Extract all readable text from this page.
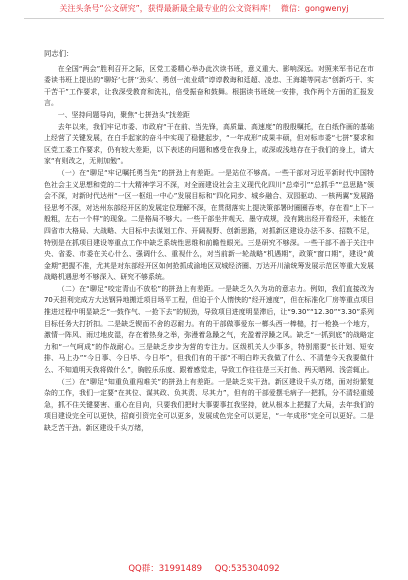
关注头条号“公文研究”，获得最新最全最专业的公文资料库！ 微信：gongwenyj

同志们：

在全国“两会”胜利召开之际，区党工委精心举办此次读书班，意义重大、影响深远。对照来军书记在市委读书班上提出的“聊好‘七拼’‘劲头’、勇创一流业绩”谆谆教诲和廷超、凌忠、王海雄等同志“创新巧干、实干苦干”工作要求，让我深受教育和洗礼，倍受振奋和鼓舞。根据读书班统一安排，我作两个方面的汇报发言。

一、坚持问题导向，聚焦“七拼劲头”找差距

去年以来，我们牢记市委、市政府“干在前、当先锋，高质量、高速度”的殷殷嘱托，在白纸作画的基础上经营了关键发展，在白手起家的奋斗中实现了稳健起步，“一年成形”成果丰硕，但对标市委“七拼”要求和区党工委工作要求，仍有较大差距，以下表述的问题和感受在我身上，或深或浅地存在于我们的身上，请大家“有则改之，无则加勉”。

（一）在“聊足“牢记嘱托勇当先”的拼劲上有差距。一是站位不够高。一些干部对习近平新时代中国特色社会主义思想和党的二十大精神学习不深，对全面建设社会主义现代化四川“总牵引”“总抓手”“总思路”领会不深，对新时代达州“一区一枢纽一中心”发展目标和“四化同步、城乡融合、双园驱动、一核两翼”发展路径思考不深，对达州东部经开区的发展定位理解不深，在贯彻落实上提决策部署时圈圈吞枣，存在看“上下一般粗，左右一个样”的现象。二是格局不够大。一些干部坐井观天、墨守成规，没有跳出经开看经开，未能在四省市大格局、大战略、大目标中去谋划工作、开阔视野、创新思路，对抓新区建设办法不多、招数不足，特别是在抓项目建设等重点工作中缺乏系统性思维和前瞻性眼光。三是研究不够深。一些干部不善于关注中央、省委、市委在关心什么、强调什么、重视什么，对当前新一轮战略“机遇期”，政策“窗口期”，建设“黄金期”把握不准，尤其是对东部经开区如何抢抓成渝地区双城经济圈、万达开川渝统筹发展示范区等重大发展战略机遇思考不够深入、研究不够系统。

（二）在“聊足“咬定青山不放松”的拼劲上有差距。一是缺乏久久为功的意志力。例如，我们直接改为70天担利完成方大达钢异地搬迁项目场平工程，但迫于个人惰怏的“经开速度”，但在标准化厂房等重点项目推进过程中明显缺乏“一鼓作气、一抢下去”的韧劲，导致项目进度明显滞后，让“9.30”“12.30”“3.30”系列目标任务大打折扣。二是缺乏锲而不舍的忍耐力。有的干部做事爱东一榔头西一棒槌，打一枪换一个地方，激情一阵风、雨过地皮湿，存在着热身之举，弥漫着急躁之气，充盈着浮躁之风。缺乏“一抓到底”的战略定力和“一气呵成”的作战耐心。三是缺乏步步为营的专注力。区级机关人少事多，特别需要“长计划、短安排、马上办”“今日事、今日毕、今日毕”，但我们有的干部“不明白昨天我做了什么、不清楚今天我要做什么、不知道明天我将做什么”，胸腔乐乐度、跟着感觉走，导致工作往往是三天打鱼、两天晒网、浅尝辄止。

（三）在“聊足“知重负重闯难关”的拼劲上有差距。一是缺乏实干劲。新区建设千头万绪，面对纷繁复杂的工作，我们一定要“在其位、谋其政、负其责、尽其力”，但有的干部爱摆毛病子一把抓，分不清轻重缓急，抓不住关键要害、重心在目向，只要我们把时大事要事扛我坚持，就从根本上把握了大局，去年我们的项目建设完全可以更快，招商引资完全可以更多，发展成色完全可以更足，“一年成形”完全可以更好。二是缺乏苦干劲。新区建设千头万绪，

QQ群：31991489 QQ:535304092
